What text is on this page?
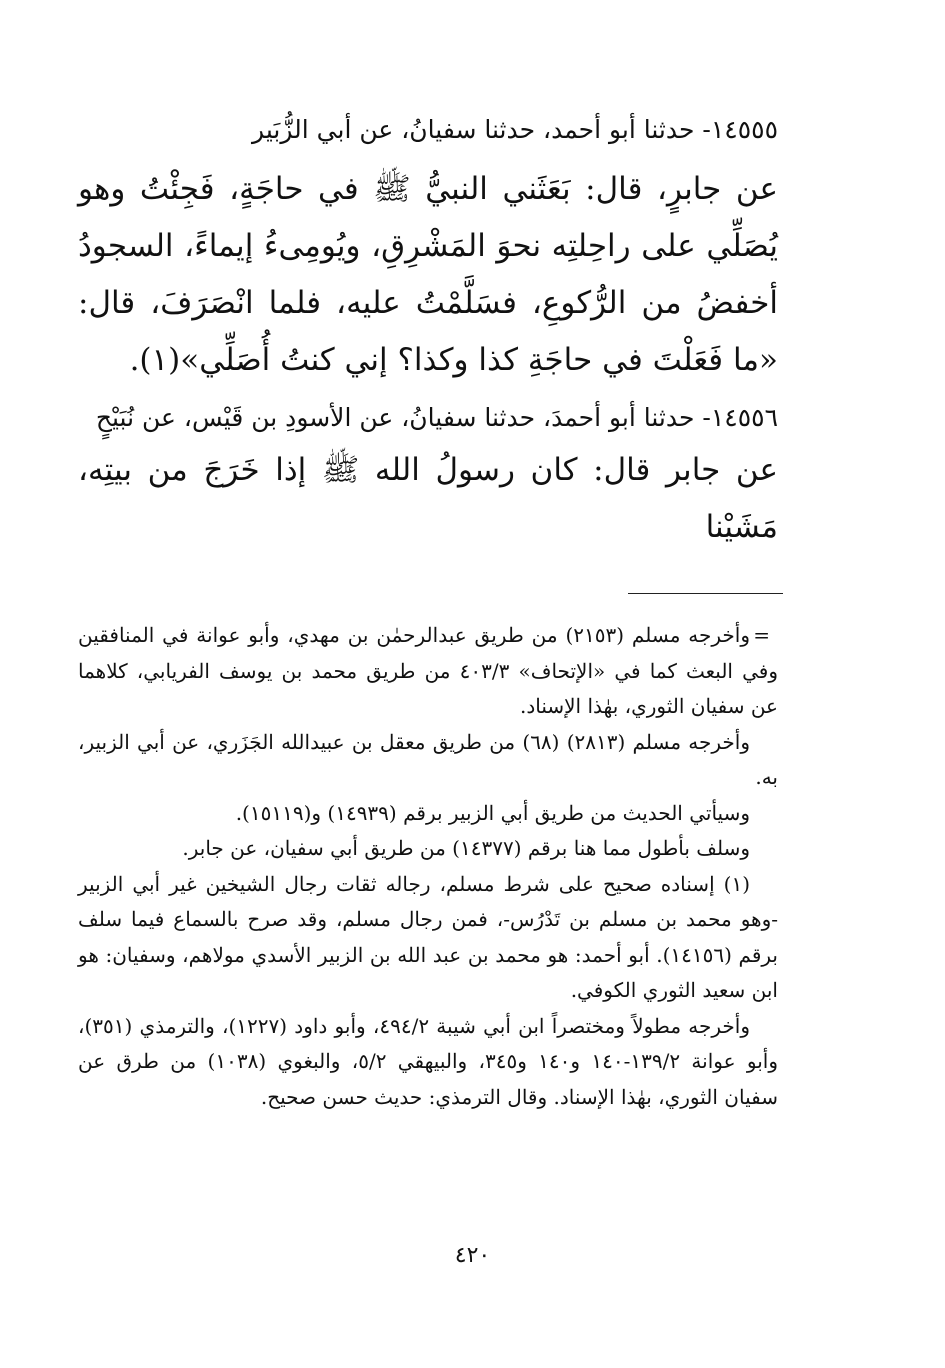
١٤٥٥٥- حدثنا أبو أحمد، حدثنا سفيانُ، عن أبي الزُّبَير

عن جابرٍ، قال: بَعَثَني النبيُّ ﷺ في حاجَةٍ، فَجِئْتُ وهو يُصَلِّي على راحِلتِه نحوَ المَشْرِقِ، ويُومِىءُ إيماءً، السجودُ أخفضُ من الرُّكوعِ، فسَلَّمْتُ عليه، فلما انْصَرَفَ، قال: «ما فَعَلْتَ في حاجَةِ كذا وكذا؟ إني كنتُ أُصَلِّي»(١).

١٤٥٥٦- حدثنا أبو أحمدَ، حدثنا سفيانُ، عن الأسودِ بن قَيْس، عن نُبَيْحٍ

عن جابر قال: كان رسولُ الله ﷺ إذا خَرَجَ من بيتِه، مَشَيْنا

=
وأخرجه مسلم (٢١٥٣) من طريق عبدالرحمٰن بن مهدي، وأبو عوانة في المنافقين وفي البعث كما في «الإتحاف» ٤٠٣/٣ من طريق محمد بن يوسف الفريابي، كلاهما عن سفيان الثوري، بهٰذا الإسناد.

وأخرجه مسلم (٢٨١٣) (٦٨) من طريق معقل بن عبيدالله الجَزَري، عن أبي الزبير، به.

وسيأتي الحديث من طريق أبي الزبير برقم (١٤٩٣٩) و(١٥١١٩).

وسلف بأطول مما هنا برقم (١٤٣٧٧) من طريق أبي سفيان، عن جابر.

(١) إسناده صحيح على شرط مسلم، رجاله ثقات رجال الشيخين غير أبي الزبير -وهو محمد بن مسلم بن تَدْرُس-، فمن رجال مسلم، وقد صرح بالسماع فيما سلف برقم (١٤١٥٦). أبو أحمد: هو محمد بن عبد الله بن الزبير الأسدي مولاهم، وسفيان: هو ابن سعيد الثوري الكوفي.

وأخرجه مطولاً ومختصراً ابن أبي شيبة ٤٩٤/٢، وأبو داود (١٢٢٧)، والترمذي (٣٥١)، وأبو عوانة ١٣٩/٢-١٤٠ و١٤٠ و٣٤٥، والبيهقي ٥/٢، والبغوي (١٠٣٨) من طرق عن سفيان الثوري، بهٰذا الإسناد. وقال الترمذي: حديث حسن صحيح.

٤٢٠
